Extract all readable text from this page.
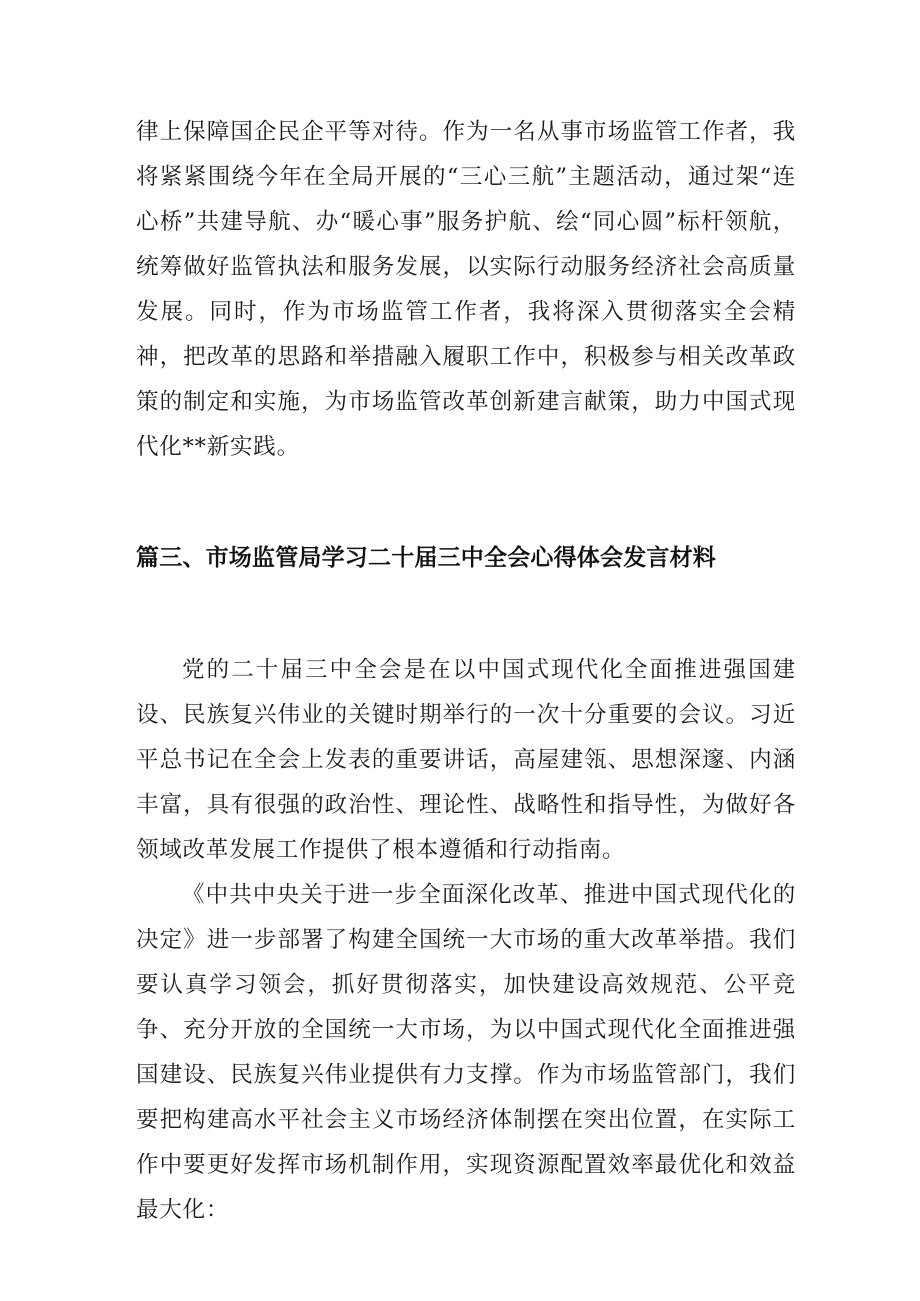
律上保障国企民企平等对待。作为一名从事市场监管工作者，我将紧紧围绕今年在全局开展的“三心三航”主题活动，通过架“连心桥”共建导航、办“暖心事”服务护航、绘“同心圆”标杆领航，统筹做好监管执法和服务发展，以实际行动服务经济社会高质量发展。同时，作为市场监管工作者，我将深入贯彻落实全会精神，把改革的思路和举措融入履职工作中，积极参与相关改革政策的制定和实施，为市场监管改革创新建言献策，助力中国式现代化**新实践。

篇三、市场监管局学习二十届三中全会心得体会发言材料

党的二十届三中全会是在以中国式现代化全面推进强国建设、民族复兴伟业的关键时期举行的一次十分重要的会议。习近平总书记在全会上发表的重要讲话，高屋建瓴、思想深邃、内涵丰富，具有很强的政治性、理论性、战略性和指导性，为做好各领域改革发展工作提供了根本遵循和行动指南。

《中共中央关于进一步全面深化改革、推进中国式现代化的决定》进一步部署了构建全国统一大市场的重大改革举措。我们要认真学习领会，抓好贯彻落实，加快建设高效规范、公平竞争、充分开放的全国统一大市场，为以中国式现代化全面推进强国建设、民族复兴伟业提供有力支撑。作为市场监管部门，我们要把构建高水平社会主义市场经济体制摆在突出位置，在实际工作中要更好发挥市场机制作用，实现资源配置效率最优化和效益最大化：
